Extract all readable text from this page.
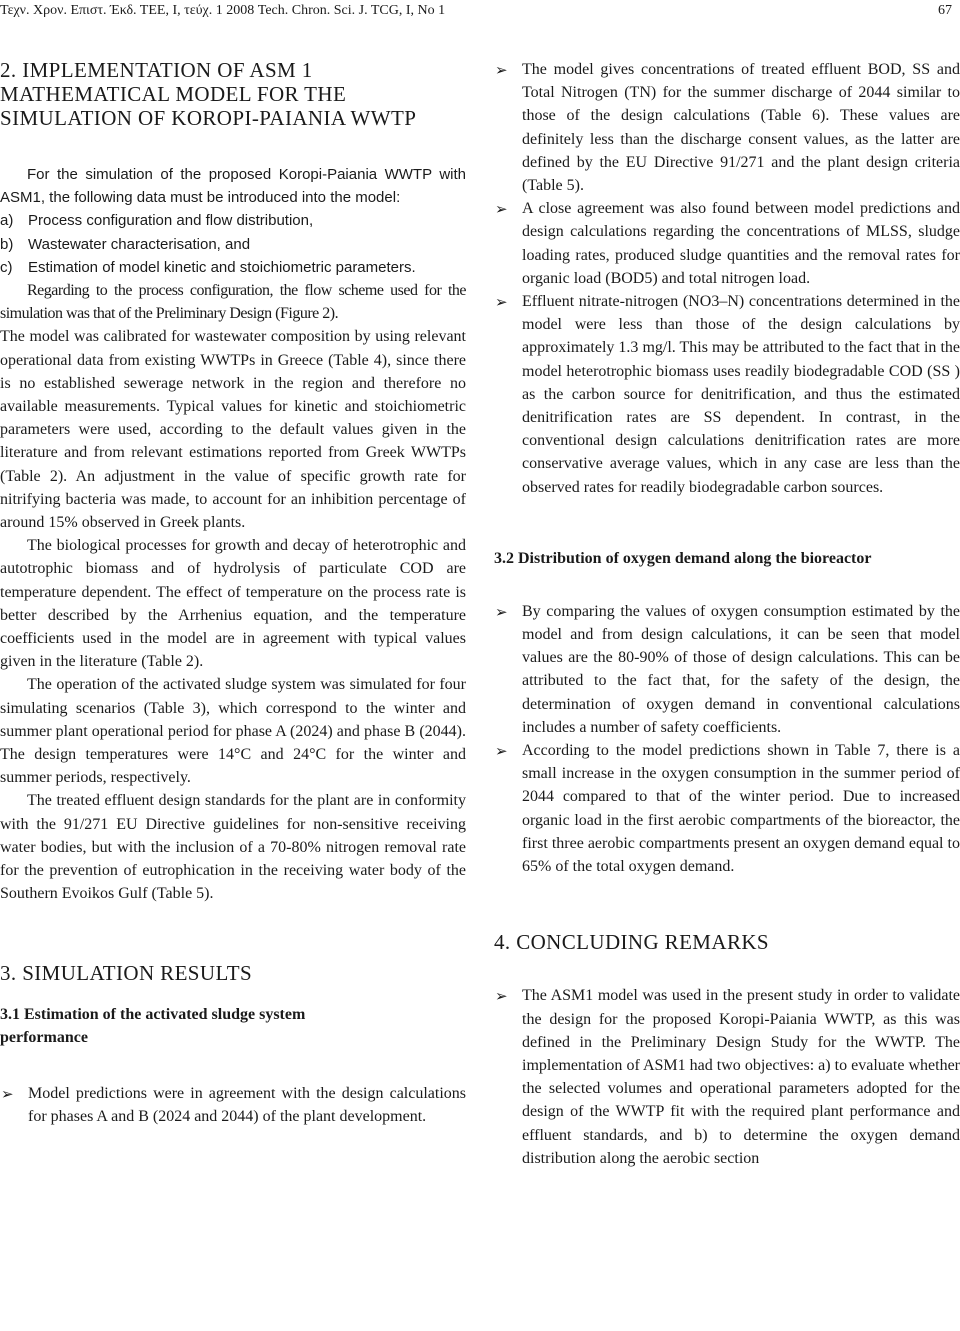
Τεχν. Χρον. Επιστ. Έκδ. ΤΕΕ, Ι, τεύχ. 1 2008 Tech. Chron. Sci. J. TCG, I, No 1	67
2. IMPLEMENTATION OF ASM 1 MATHEMATICAL MODEL FOR THE SIMULATION OF KOROPI-PAIANIA WWTP

For the simulation of the proposed Koropi-Paiania WWTP with ASM1, the following data must be introduced into the model:

a) Process configuration and flow distribution,
b) Wastewater characterisation, and
c) Estimation of model kinetic and stoichiometric parameters.

Regarding to the process configuration, the flow scheme used for the simulation was that of the Preliminary Design (Figure 2).

The model was calibrated for wastewater composition by using relevant operational data from existing WWTPs in Greece (Table 4), since there is no established sewerage network in the region and therefore no available measurements. Typical values for kinetic and stoichiometric parameters were used, according to the default values given in the literature and from relevant estimations reported from Greek WWTPs (Table 2). An adjustment in the value of specific growth rate for nitrifying bacteria was made, to account for an inhibition percentage of around 15% observed in Greek plants.

The biological processes for growth and decay of heterotrophic and autotrophic biomass and of hydrolysis of particulate COD are temperature dependent. The effect of temperature on the process rate is better described by the Arrhenius equation, and the temperature coefficients used in the model are in agreement with typical values given in the literature (Table 2).

The operation of the activated sludge system was simulated for four simulating scenarios (Table 3), which correspond to the winter and summer plant operational period for phase A (2024) and phase B (2044). The design temperatures were 14°C and 24°C for the winter and summer periods, respectively.

The treated effluent design standards for the plant are in conformity with the 91/271 EU Directive guidelines for non-sensitive receiving water bodies, but with the inclusion of a 70-80% nitrogen removal rate for the prevention of eutrophication in the receiving water body of the Southern Evoikos Gulf (Table 5).

3. SIMULATION RESULTS
3.1 Estimation of the activated sludge system performance
➢ Model predictions were in agreement with the design calculations for phases A and B (2024 and 2044) of the plant development.
➢ The model gives concentrations of treated effluent BOD, SS and Total Nitrogen (TN) for the summer discharge of 2044 similar to those of the design calculations (Table 6). These values are definitely less than the discharge consent values, as the latter are defined by the EU Directive 91/271 and the plant design criteria (Table 5).
➢ A close agreement was also found between model predictions and design calculations regarding the concentrations of MLSS, sludge loading rates, produced sludge quantities and the removal rates for organic load (BOD5) and total nitrogen load.
➢ Effluent nitrate-nitrogen (NO3–N) concentrations determined in the model were less than those of the design calculations by approximately 1.3 mg/l. This may be attributed to the fact that in the model heterotrophic biomass uses readily biodegradable COD (SS ) as the carbon source for denitrification, and thus the estimated denitrification rates are SS dependent. In contrast, in the conventional design calculations denitrification rates are more conservative average values, which in any case are less than the observed rates for readily biodegradable carbon sources.
3.2 Distribution of oxygen demand along the bioreactor
➢ By comparing the values of oxygen consumption estimated by the model and from design calculations, it can be seen that model values are the 80-90% of those of design calculations. This can be attributed to the fact that, for the safety of the design, the determination of oxygen demand in conventional calculations includes a number of safety coefficients.
➢ According to the model predictions shown in Table 7, there is a small increase in the oxygen consumption in the summer period of 2044 compared to that of the winter period. Due to increased organic load in the first aerobic compartments of the bioreactor, the first three aerobic compartments present an oxygen demand equal to 65% of the total oxygen demand.
4. CONCLUDING REMARKS
➢ The ASM1 model was used in the present study in order to validate the design for the proposed Koropi-Paiania WWTP, as this was defined in the Preliminary Design Study for the WWTP. The implementation of ASM1 had two objectives: a) to evaluate whether the selected volumes and operational parameters adopted for the design of the WWTP fit with the required plant performance and effluent standards, and b) to determine the oxygen demand distribution along the aerobic section
